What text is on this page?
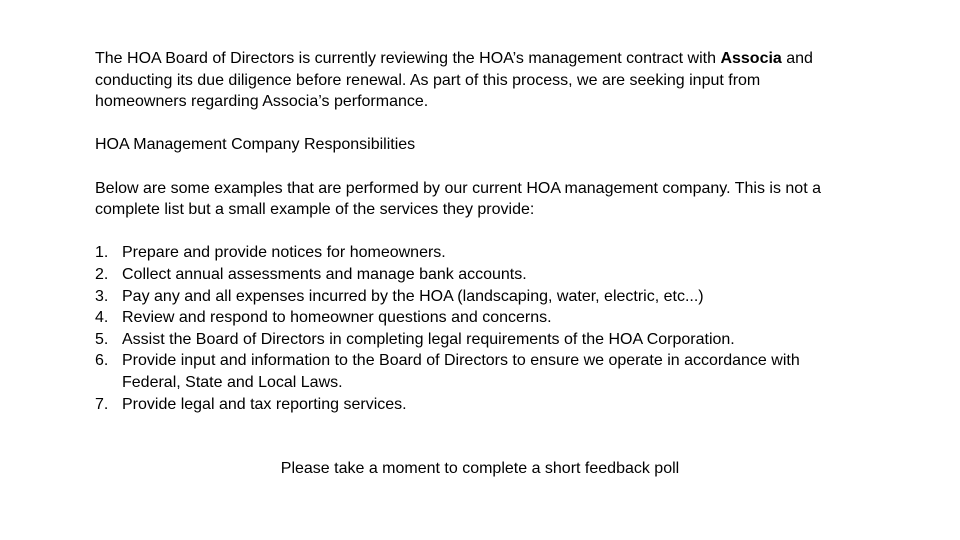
The HOA Board of Directors is currently reviewing the HOA’s management contract with Associa and conducting its due diligence before renewal. As part of this process, we are seeking input from homeowners regarding Associa’s performance.

HOA Management Company Responsibilities

Below are some examples that are performed by our current HOA management company. This is not a complete list but a small example of the services they provide:

1. Prepare and provide notices for homeowners.
2. Collect annual assessments and manage bank accounts.
3. Pay any and all expenses incurred by the HOA (landscaping, water, electric, etc...)
4. Review and respond to homeowner questions and concerns.
5. Assist the Board of Directors in completing legal requirements of the HOA Corporation.
6. Provide input and information to the Board of Directors to ensure we operate in accordance with Federal, State and Local Laws.
7. Provide legal and tax reporting services.

Please take a moment to complete a short feedback poll
